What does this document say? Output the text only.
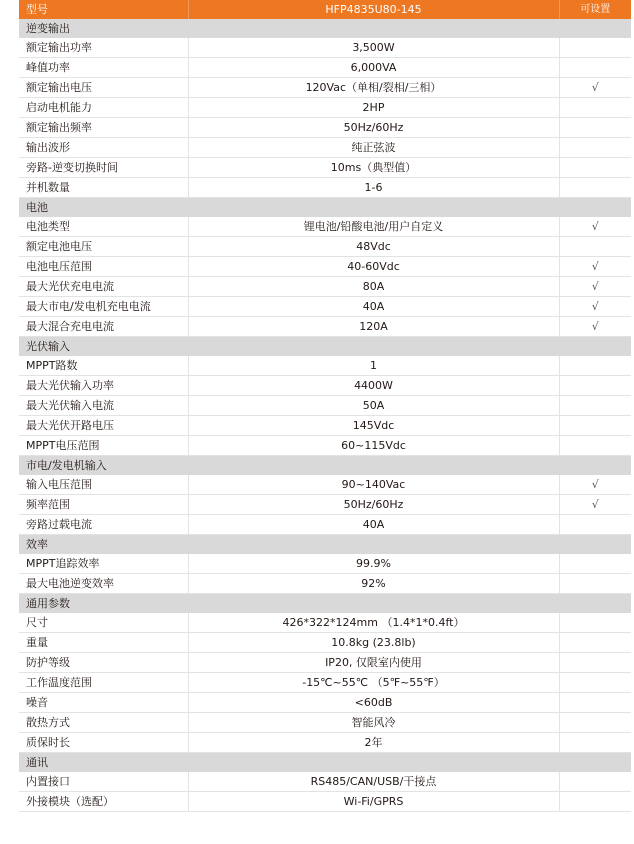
型号	HFP4835U80-145	可设置
逆变输出		
额定输出功率	3,500W	
峰值功率	6,000VA	
额定输出电压	120Vac（单相/裂相/三相）	√
启动电机能力	2HP	
额定输出频率	50Hz/60Hz	
输出波形	纯正弦波	
旁路-逆变切换时间	10ms（典型值）	
并机数量	1-6	
电池		
电池类型	锂电池/铅酸电池/用户自定义	√
额定电池电压	48Vdc	
电池电压范围	40-60Vdc	√
最大光伏充电电流	80A	√
最大市电/发电机充电电流	40A	√
最大混合充电电流	120A	√
光伏输入		
MPPT路数	1	
最大光伏输入功率	4400W	
最大光伏输入电流	50A	
最大光伏开路电压	145Vdc	
MPPT电压范围	60~115Vdc	
市电/发电机输入		
输入电压范围	90~140Vac	√
频率范围	50Hz/60Hz	√
旁路过载电流	40A	
效率		
MPPT追踪效率	99.9%	
最大电池逆变效率	92%	
通用参数		
尺寸	426*322*124mm （1.4*1*0.4ft）	
重量	10.8kg (23.8lb)	
防护等级	IP20, 仅限室内使用	
工作温度范围	-15℃~55℃ （5℉~55℉）	
噪音	<60dB	
散热方式	智能风冷	
质保时长	2年	
通讯		
内置接口	RS485/CAN/USB/干接点	
外接模块（选配）	Wi-Fi/GPRS	
